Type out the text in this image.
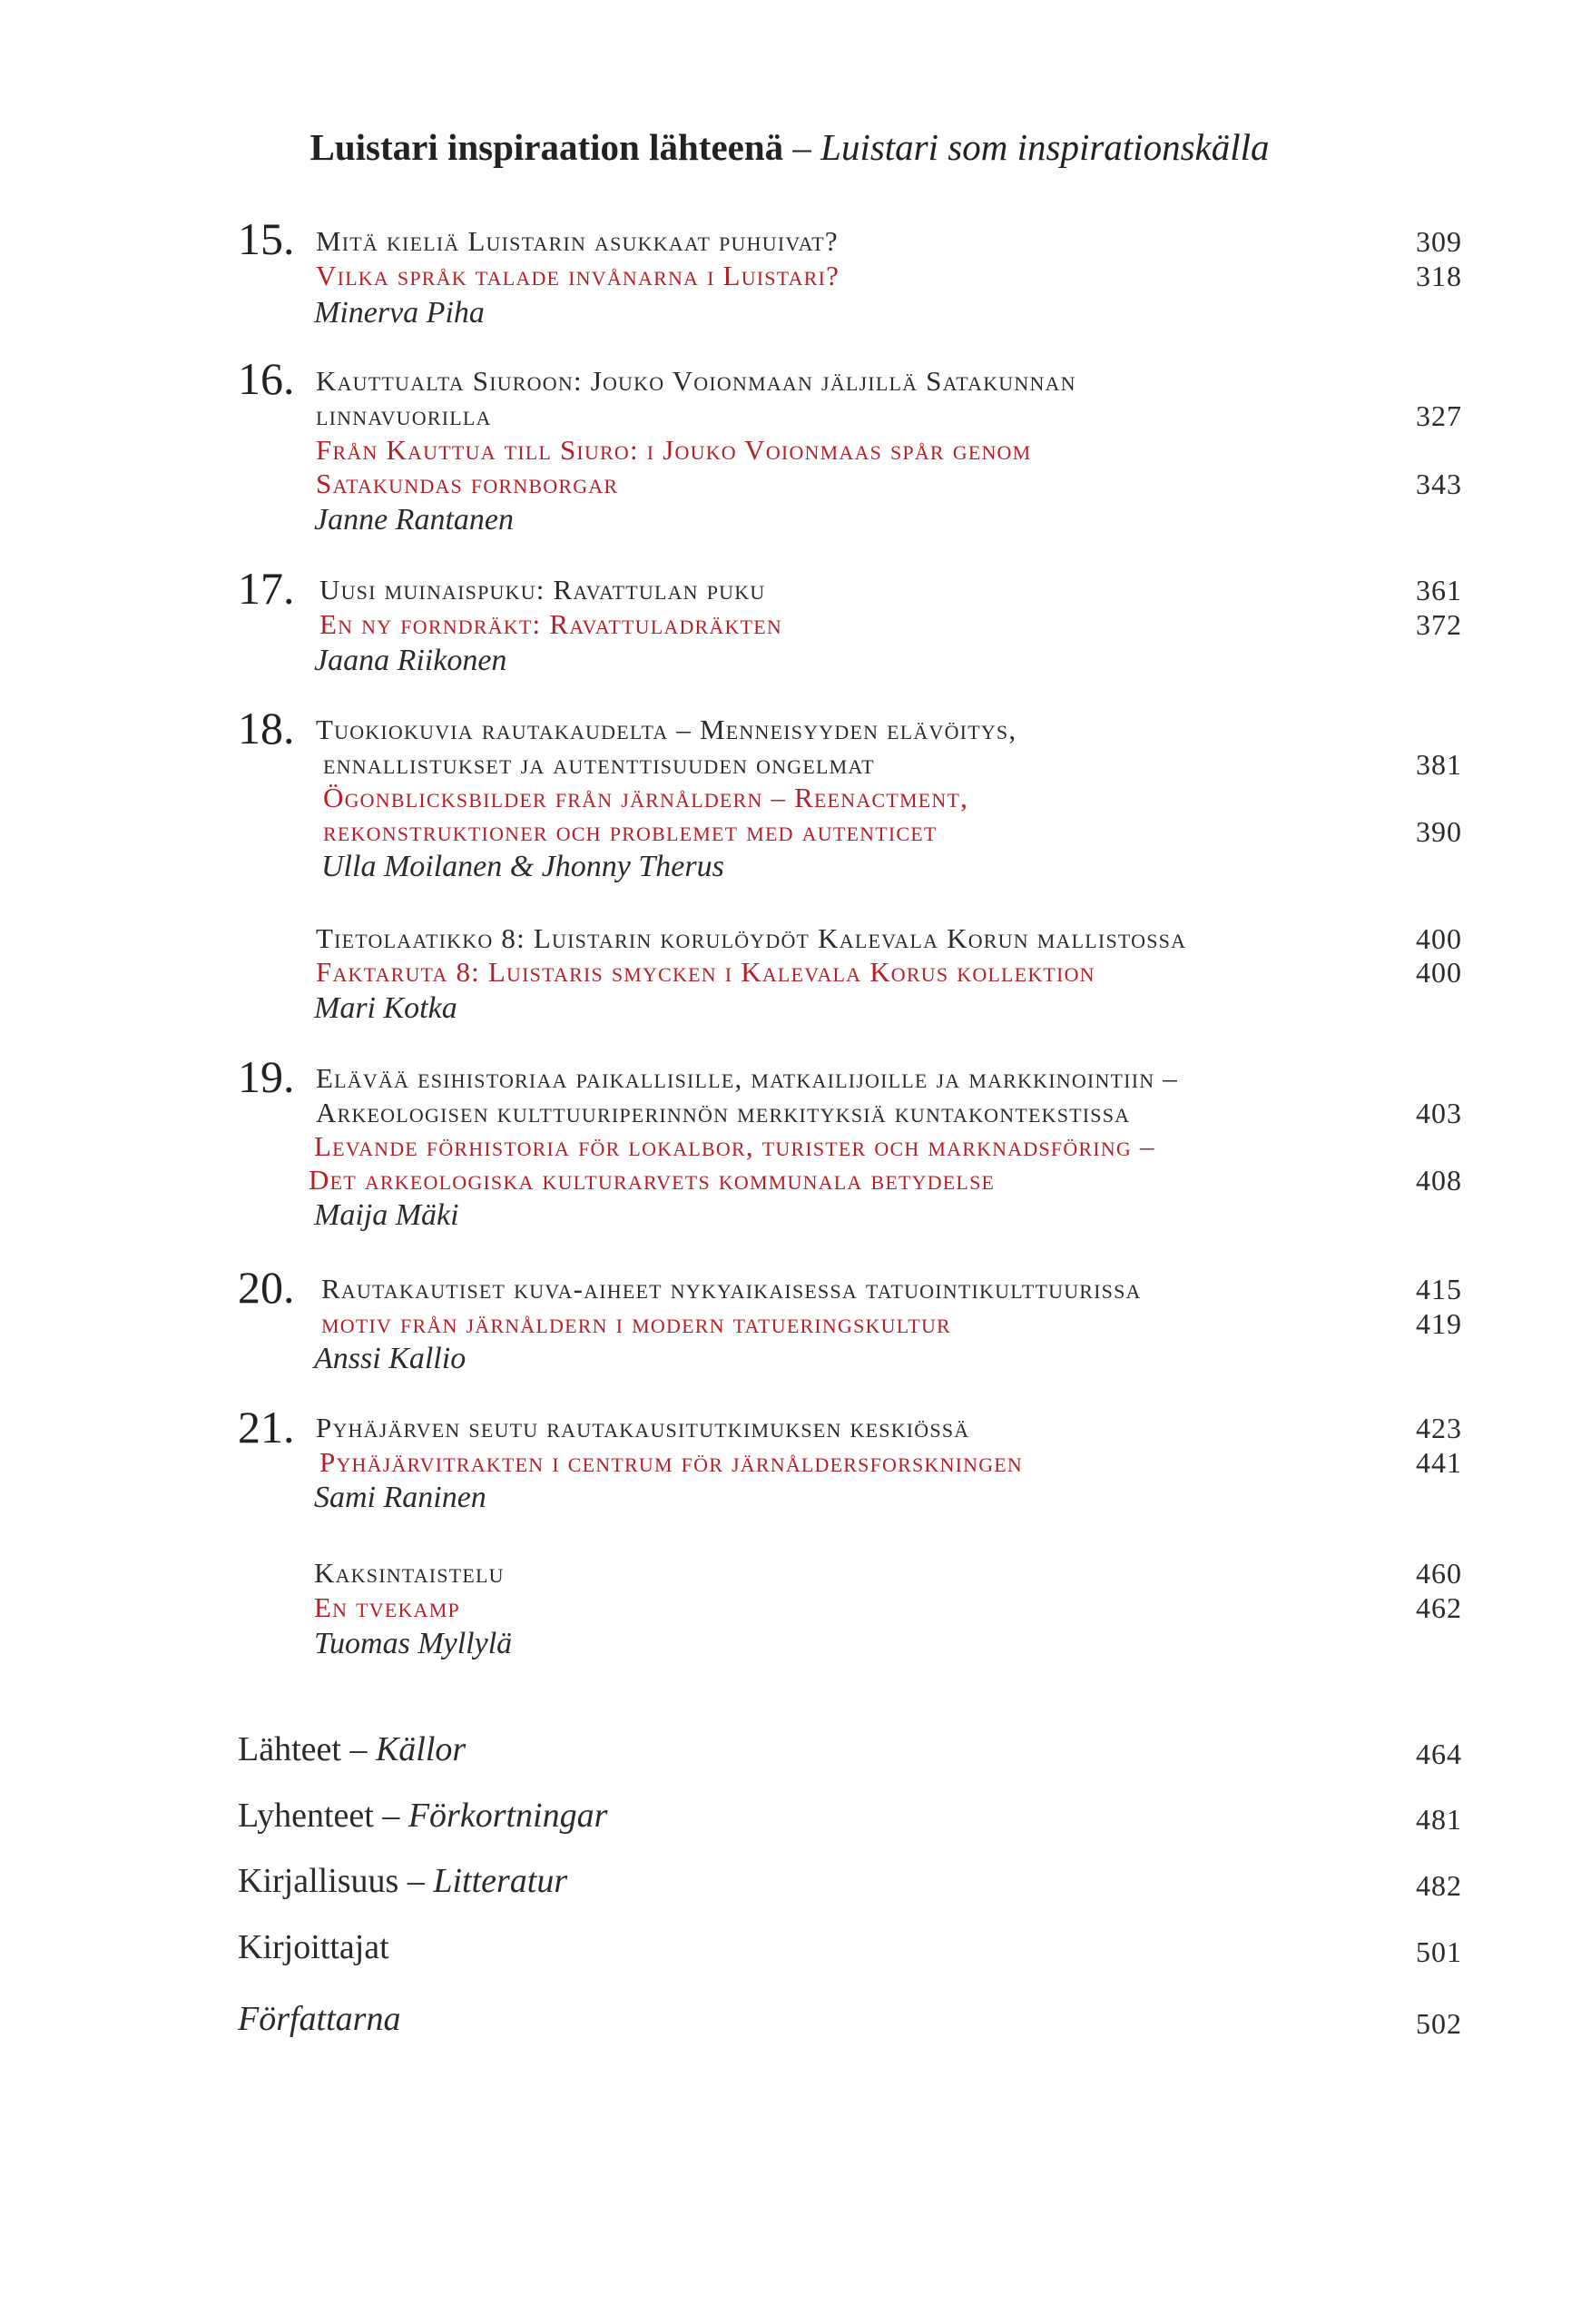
Luistari inspiraation lähteenä – Luistari som inspirationskälla
15. Mitä kieliä Luistarin asukkaat puhuivat?	309
Vilka språk talade invånarna i Luistari?	318
Minerva Piha
16. Kauttualta Siuroon: Jouko Voionmaan jäljillä Satakunnan
linnavuorilla	327
Från Kauttua till Siuro: i Jouko Voionmaas spår genom
Satakundas fornborgar	343
Janne Rantanen
17. Uusi muinaispuku: Ravattulan puku	361
En ny forndräkt: Ravattuladräkten	372
Jaana Riikonen
18. Tuokiokuvia rautakaudelta – Menneisyyden elävöitys,
ennallistukset ja autenttisuuden ongelmat	381
Ögonblicksbilder från järnåldern – Reenactment,
rekonstruktioner och problemet med autenticet	390
Ulla Moilanen & Jhonny Therus
Tietolaatikko 8: Luistarin korulöydöt Kalevala Korun mallistossa	400
Faktaruta 8: Luistaris smycken i Kalevala Korus kollektion	400
Mari Kotka
19. Elävää esihistoriaa paikallisille, matkailijoille ja markkinointiin –
Arkeologisen kulttuuriperinnön merkityksiä kuntakontekstissa	403
Levande förhistoria för lokalbor, turister och marknadsföring –
Det arkeologiska kulturarvets kommunala betydelse	408
Maija Mäki
20. Rautakautiset kuva-aiheet nykyaikaisessa tatuointikulttuurissa	415
motiv från järnåldern i modern tatueringskultur	419
Anssi Kallio
21. Pyhäjärven seutu rautakausitutkimuksen keskiössä	423
Pyhäjärvitrakten i centrum för järnåldersforskningen	441
Sami Raninen
Kaksintaistelu	460
En tvekamp	462
Tuomas Myllylä
Lähteet – Källor	464
Lyhenteet – Förkortningar	481
Kirjallisuus – Litteratur	482
Kirjoittajat	501
Författarna	502
